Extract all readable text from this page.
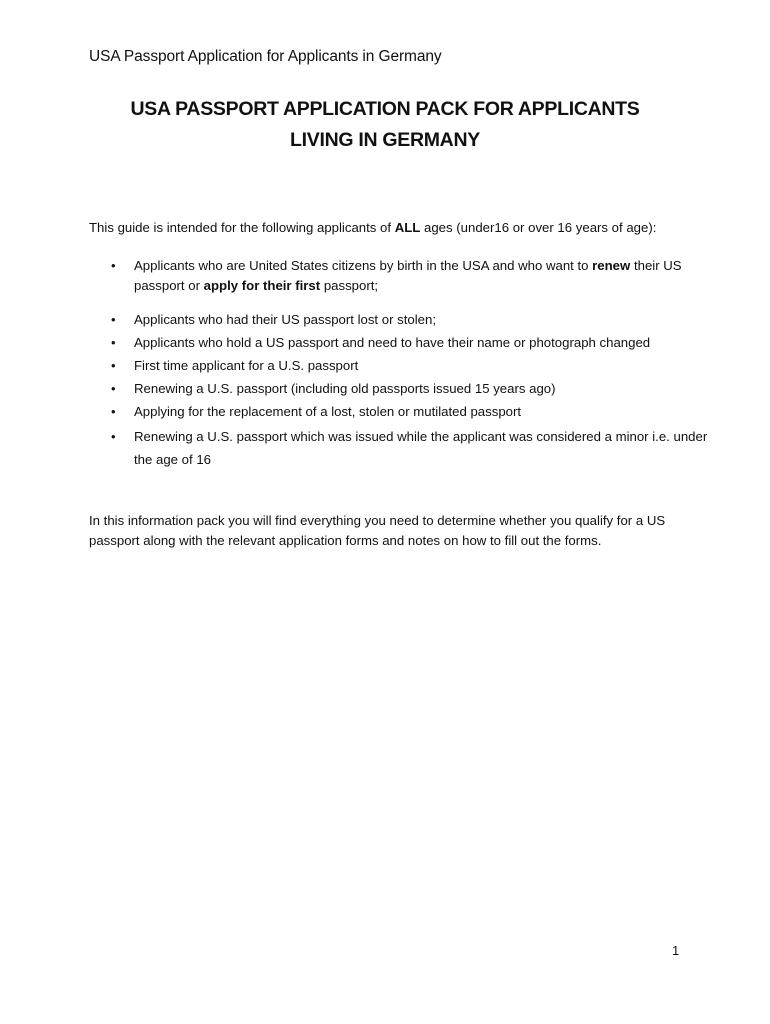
USA Passport Application for Applicants in Germany
USA PASSPORT APPLICATION PACK FOR APPLICANTS
LIVING IN GERMANY
This guide is intended for the following applicants of ALL ages (under16 or over 16 years of age):
• Applicants who are United States citizens by birth in the USA and who want to renew their US passport or apply for their first passport;
• Applicants who had their US passport lost or stolen;
• Applicants who hold a US passport and need to have their name or photograph changed
• First time applicant for a U.S. passport
• Renewing a U.S. passport (including old passports issued 15 years ago)
• Applying for the replacement of a lost, stolen or mutilated passport
• Renewing a U.S. passport which was issued while the applicant was considered a minor i.e. under the age of 16
In this information pack you will find everything you need to determine whether you qualify for a US passport along with the relevant application forms and notes on how to fill out the forms.
1
